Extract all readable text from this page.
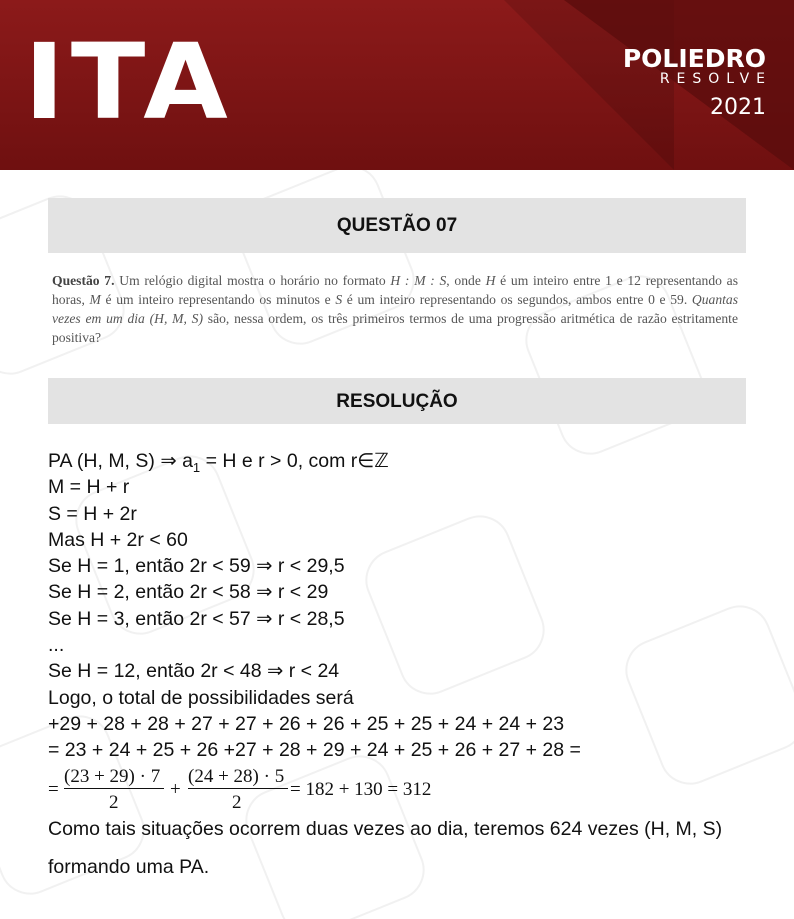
ITA	POLIEDRO
RESOLVE
2021
QUESTÃO 07
Questão 7. Um relógio digital mostra o horário no formato H : M : S, onde H é um inteiro entre 1 e 12 representando as horas, M é um inteiro representando os minutos e S é um inteiro representando os segundos, ambos entre 0 e 59. Quantas vezes em um dia (H, M, S) são, nessa ordem, os três primeiros termos de uma progressão aritmética de razão estritamente positiva?
RESOLUÇÃO
PA (H, M, S) ⇒ $a_1 = H$ e r > 0, com r∈ℤ
M = H + r
S = H + 2r
Mas H + 2r < 60
Se H = 1, então 2r < 59 ⇒ r < 29,5
Se H = 2, então 2r < 58 ⇒ r < 29
Se H = 3, então 2r < 57 ⇒ r < 28,5
...
Se H = 12, então 2r < 48 ⇒ r < 24
Logo, o total de possibilidades será
+29 + 28 + 28 + 27 + 27 + 26 + 26 + 25 + 25 + 24 + 24 + 23
= 23 + 24 + 25 + 26 +27 + 28 + 29 + 24 + 25 + 26 + 27 + 28 =
=
(23 + 29) · 7
2
+
(24 + 28) · 5
2
= 182 + 130 = 312
Como tais situações ocorrem duas vezes ao dia, teremos 624 vezes (H, M, S)
formando uma PA.
